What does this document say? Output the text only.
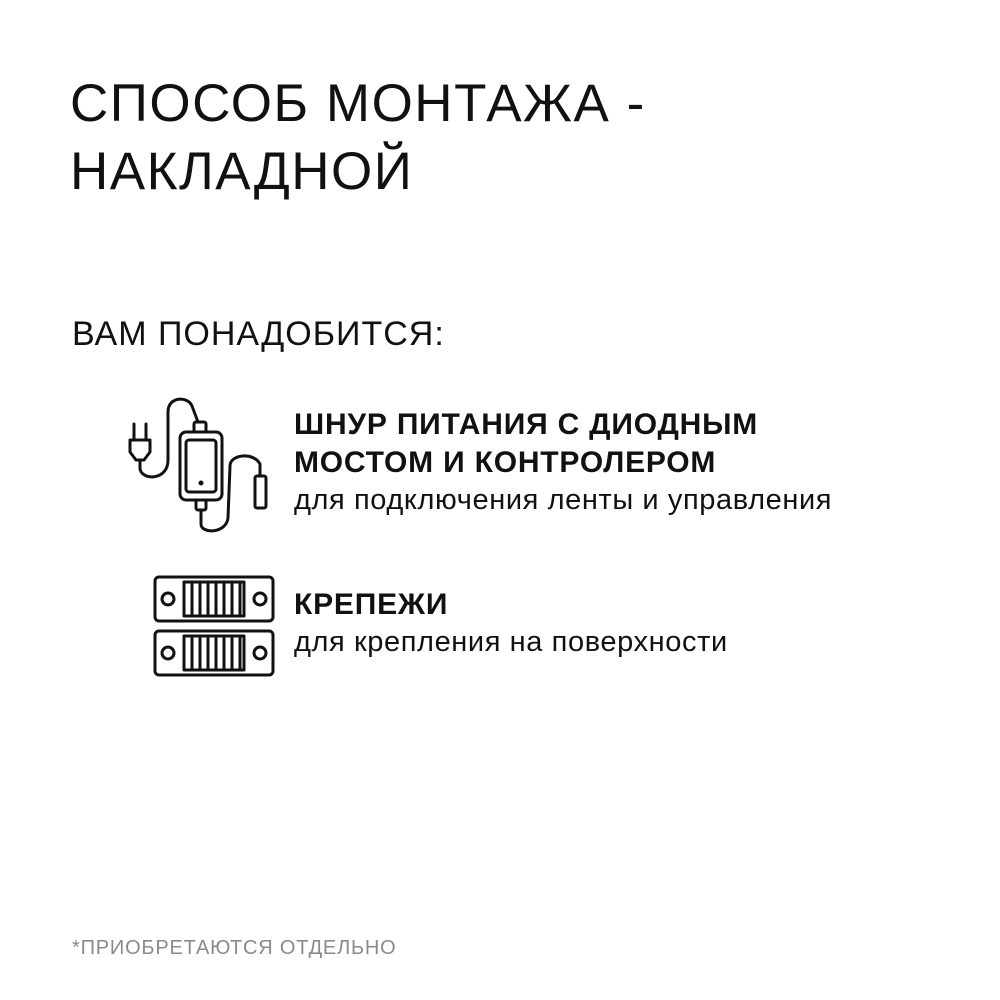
СПОСОБ МОНТАЖА -
НАКЛАДНОЙ
ВАМ ПОНАДОБИТСЯ:
ШНУР ПИТАНИЯ С ДИОДНЫМ
МОСТОМ И КОНТРОЛЕРОМ
для подключения ленты и управления
КРЕПЕЖИ
для крепления на поверхности

*ПРИОБРЕТАЮТСЯ ОТДЕЛЬНО
